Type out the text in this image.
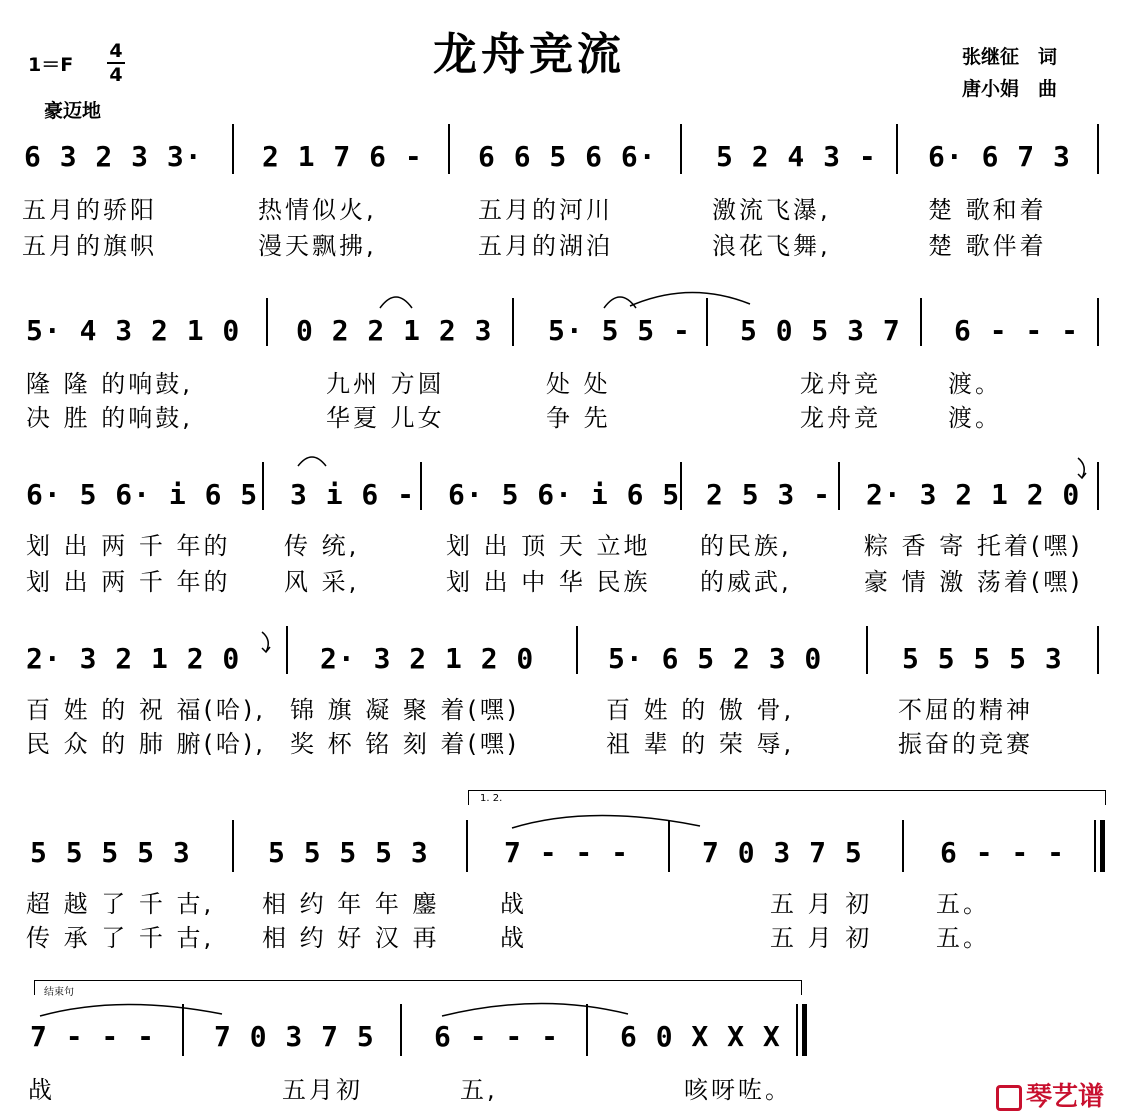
龙舟竞流
1＝F
4
4
豪迈地
张继征　词
唐小娟　曲
6 3 2 3 3· 2 1 7 6 - 6 6 5 6 6· 5 2 4 3 - 6· 6 7 3
五月的骄阳	热情似火,	五月的河川	激流飞瀑,	楚 歌和着
五月的旗帜	漫天飘拂,	五月的湖泊	浪花飞舞,	楚 歌伴着
5· 4 3 2 1 0 0 2 2 1 2 3 5· 5 5 - 5 0 5 3 7 6 - - -
隆 隆 的响鼓,	九州 方圆	处 处	龙舟竞	渡。
决 胜 的响鼓,	华夏 儿女	争 先	龙舟竞	渡。
6· 5 6· i 6 5 3 i 6 - 6· 5 6· i 6 5 2 5 3 - 2· 3 2 1 2 0
划 出 两 千 年的 传 统,	划 出 顶 天 立地 的民族,	粽 香 寄 托着(嘿)
划 出 两 千 年的 风 采,	划 出 中 华 民族 的威武,	豪 情 激 荡着(嘿)
2· 3 2 1 2 0	2· 3 2 1 2 0	5· 6 5 2 3 0	5 5 5 5 3
百 姓 的 祝 福(哈), 锦 旗 凝 聚 着(嘿)	百 姓 的 傲 骨,	不屈的精神
民 众 的 肺 腑(哈), 奖 杯 铭 刻 着(嘿)	祖 辈 的 荣 辱,	振奋的竞赛
1. 2.
5 5 5 5 3	5 5 5 5 3	7 - - -	7 0 3 7 5	6 - - -
超 越 了 千 古, 相 约 年 年 鏖	战	五 月 初	五。
传 承 了 千 古, 相 约 好 汉 再	战	五 月 初	五。
结束句
7 - - - 7 0 3 7 5 6 - - - 6 0 X X X
战	五月初	五,	咳呀咗。	琴艺谱
